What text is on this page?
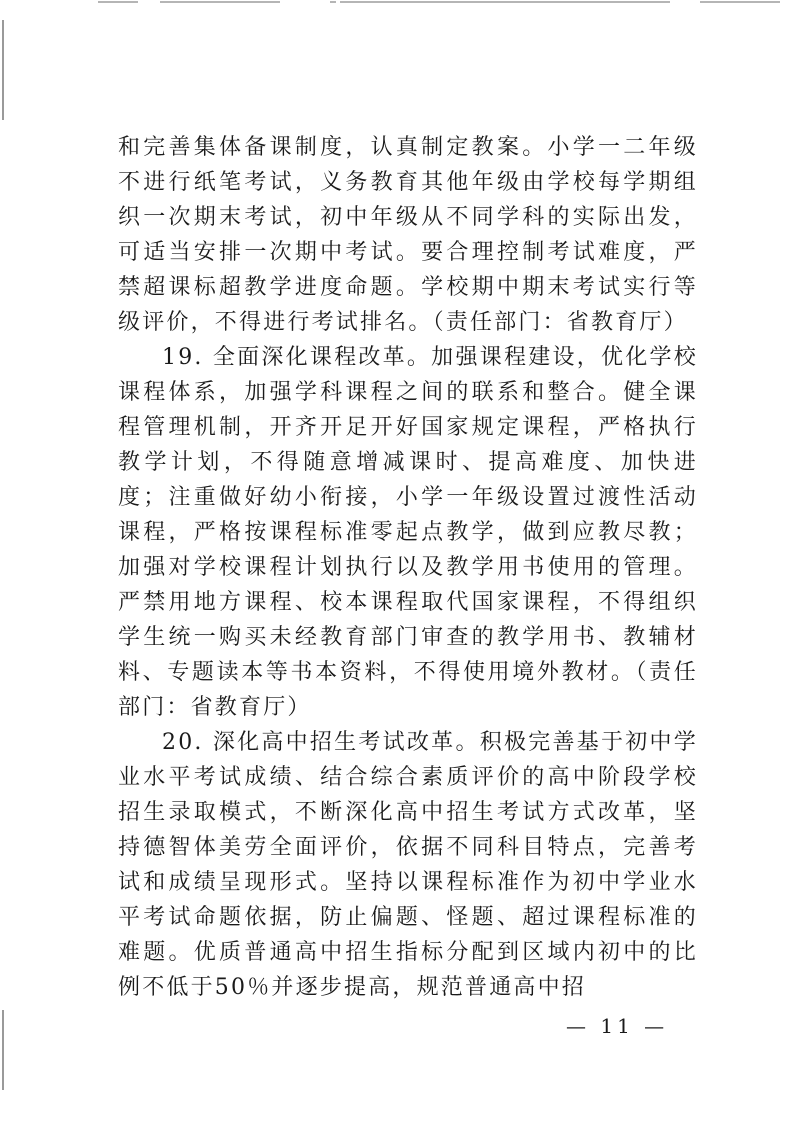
和完善集体备课制度，认真制定教案。小学一二年级不进行纸笔考试，义务教育其他年级由学校每学期组织一次期末考试，初中年级从不同学科的实际出发，可适当安排一次期中考试。要合理控制考试难度，严禁超课标超教学进度命题。学校期中期末考试实行等级评价，不得进行考试排名。（责任部门：省教育厅）

19. 全面深化课程改革。加强课程建设，优化学校课程体系，加强学科课程之间的联系和整合。健全课程管理机制，开齐开足开好国家规定课程，严格执行教学计划，不得随意增减课时、提高难度、加快进度；注重做好幼小衔接，小学一年级设置过渡性活动课程，严格按课程标准零起点教学，做到应教尽教；加强对学校课程计划执行以及教学用书使用的管理。严禁用地方课程、校本课程取代国家课程，不得组织学生统一购买未经教育部门审查的教学用书、教辅材料、专题读本等书本资料，不得使用境外教材。（责任部门：省教育厅）

20. 深化高中招生考试改革。积极完善基于初中学业水平考试成绩、结合综合素质评价的高中阶段学校招生录取模式，不断深化高中招生考试方式改革，坚持德智体美劳全面评价，依据不同科目特点，完善考试和成绩呈现形式。坚持以课程标准作为初中学业水平考试命题依据，防止偏题、怪题、超过课程标准的难题。优质普通高中招生指标分配到区域内初中的比例不低于50％并逐步提高，规范普通高中招

— 11 —
